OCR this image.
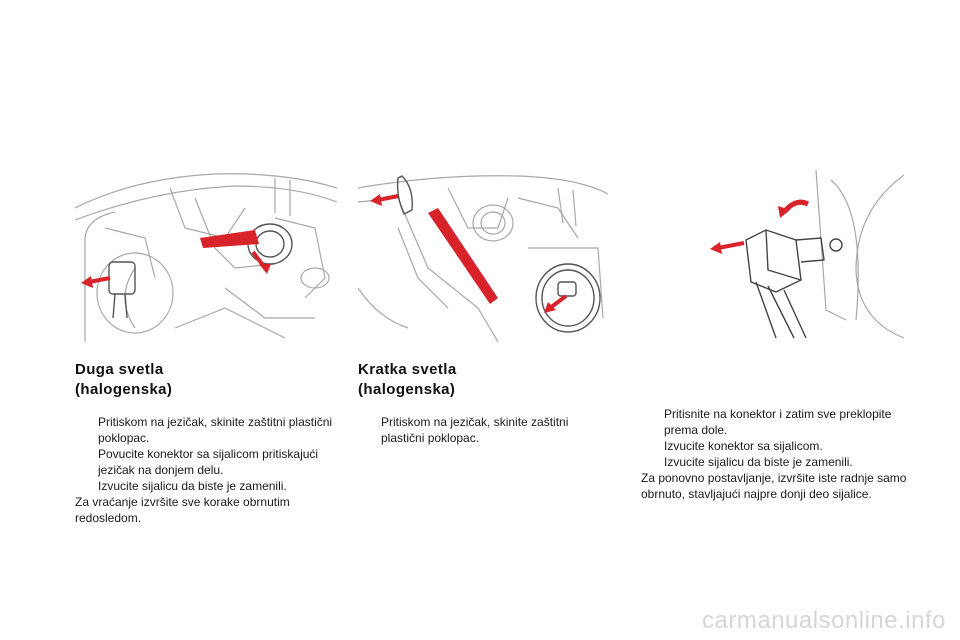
Duga svetla
(halogenska)
Pritiskom na jezičak, skinite zaštitni plastični poklopac.
Povucite konektor sa sijalicom pritiskajući jezičak na donjem delu.
Izvucite sijalicu da biste je zamenili.

Za vraćanje izvršite sve korake obrnutim redosledom.

Kratka svetla
(halogenska)
Pritiskom na jezičak, skinite zaštitni plastični poklopac.
Pritisnite na konektor i zatim sve preklopite prema dole.
Izvucite konektor sa sijalicom.
Izvucite sijalicu da biste je zamenili.

Za ponovno postavljanje, izvršite iste radnje samo obrnuto, stavljajući najpre donji deo sijalice.

carmanualsonline.info
